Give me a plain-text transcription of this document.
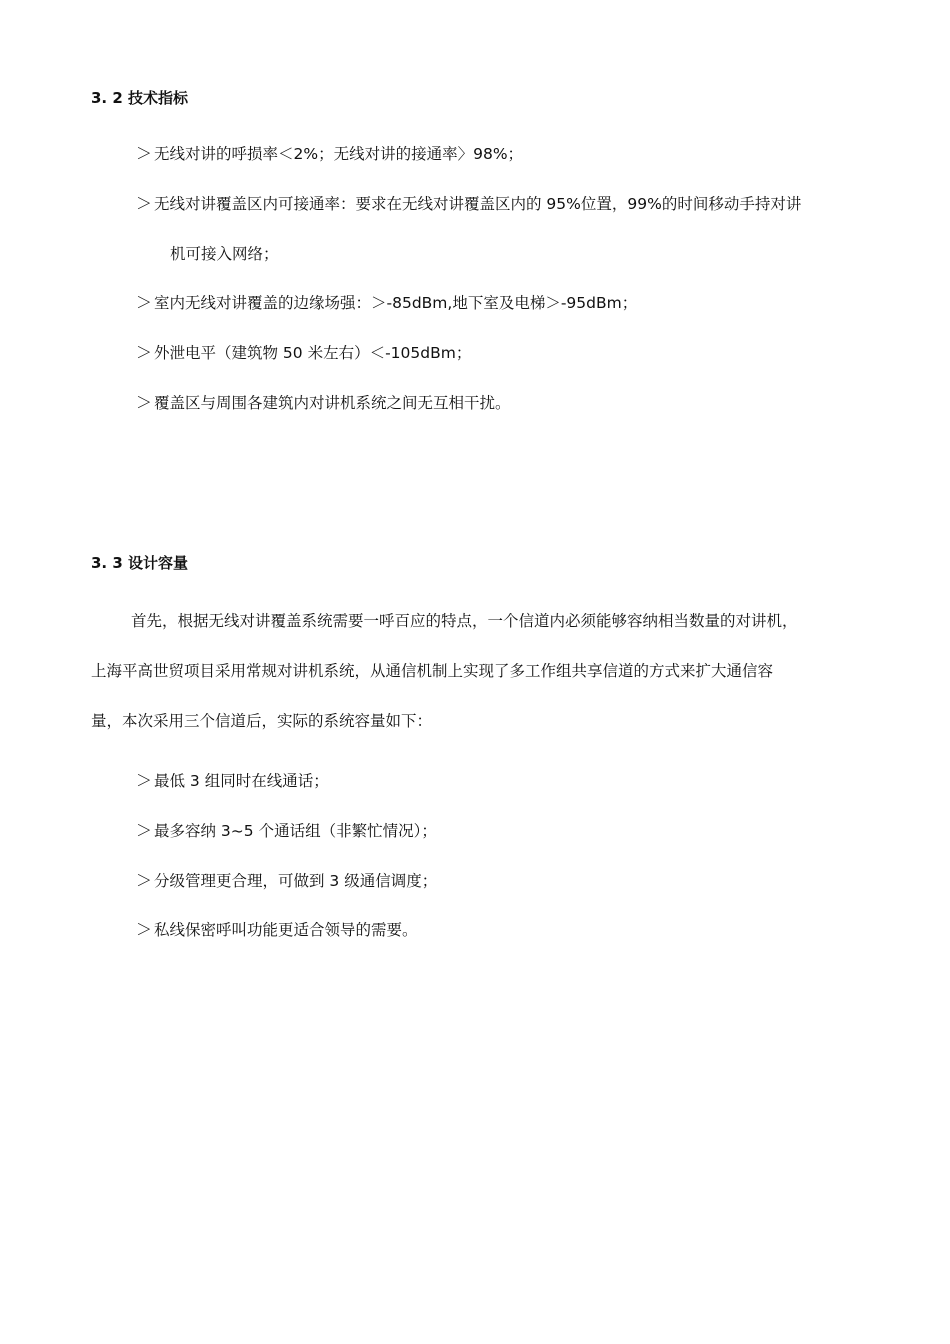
3. 2 技术指标
＞ 无线对讲的呼损率＜2%；无线对讲的接通率〉98%；
＞ 无线对讲覆盖区内可接通率：要求在无线对讲覆盖区内的 95%位置，99%的时间移动手持对讲
机可接入网络；
＞ 室内无线对讲覆盖的边缘场强：＞-85dBm,地下室及电梯＞-95dBm；
＞ 外泄电平（建筑物 50 米左右）＜-105dBm；
＞ 覆盖区与周围各建筑内对讲机系统之间无互相干扰。
3. 3 设计容量
首先，根据无线对讲覆盖系统需要一呼百应的特点，一个信道内必须能够容纳相当数量的对讲机，
上海平高世贸项目采用常规对讲机系统，从通信机制上实现了多工作组共享信道的方式来扩大通信容
量，本次采用三个信道后，实际的系统容量如下：
＞ 最低 3 组同时在线通话；
＞ 最多容纳 3~5 个通话组（非繁忙情况）；
＞ 分级管理更合理，可做到 3 级通信调度；
＞ 私线保密呼叫功能更适合领导的需要。
